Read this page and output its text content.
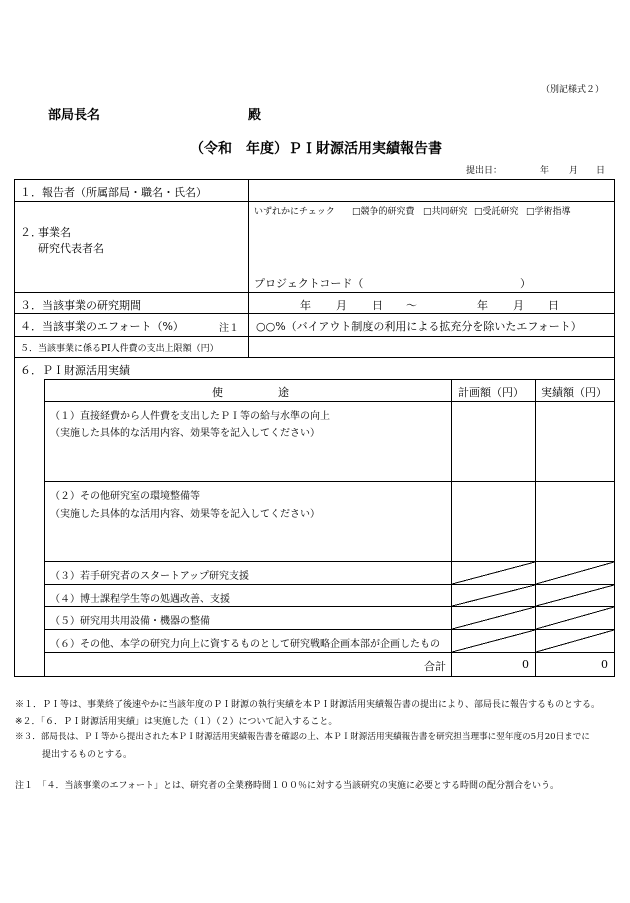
（別記様式２）
部局長名	殿
（令和　年度）ＰＩ財源活用実績報告書
提出日：	年 月 日
１．報告者（所属部局・職名・氏名）
２．
事業名
研究代表者名
いずれかにチェック □競争的研究費 □共同研究 □受託研究 □学術指導
プロジェクトコード（	）
３．当該事業の研究期間	年 月 日 ～	年 月 日
４．当該事業のエフォート（%）	注１ ○○%（バイアウト制度の利用による拡充分を除いたエフォート）
５．当該事業に係るPI人件費の支出上限額（円）
６．ＰＩ財源活用実績
使　　　　　途	計画額（円） 実績額（円）
（１）直接経費から人件費を支出したＰＩ等の給与水準の向上
（実施した具体的な活用内容、効果等を記入してください）
（２）その他研究室の環境整備等
（実施した具体的な活用内容、効果等を記入してください）
（３）若手研究者のスタートアップ研究支援
（４）博士課程学生等の処遇改善、支援
（５）研究用共用設備・機器の整備
（６）その他、本学の研究力向上に資するものとして研究戦略企画本部が企画したもの
合計	0	0
※１．ＰＩ等は、事業終了後速やかに当該年度のＰＩ財源の執行実績を本ＰＩ財源活用実績報告書の提出により、部局長に報告するものとする。
※２．「６．ＰＩ財源活用実績」は実施した（１）（２）について記入すること。
※３．部局長は、ＰＩ等から提出された本ＰＩ財源活用実績報告書を確認の上、本ＰＩ財源活用実績報告書を研究担当理事に翌年度の5月20日までに
提出するものとする。
注１　「４．当該事業のエフォート」とは、研究者の全業務時間１００％に対する当該研究の実施に必要とする時間の配分割合をいう。
